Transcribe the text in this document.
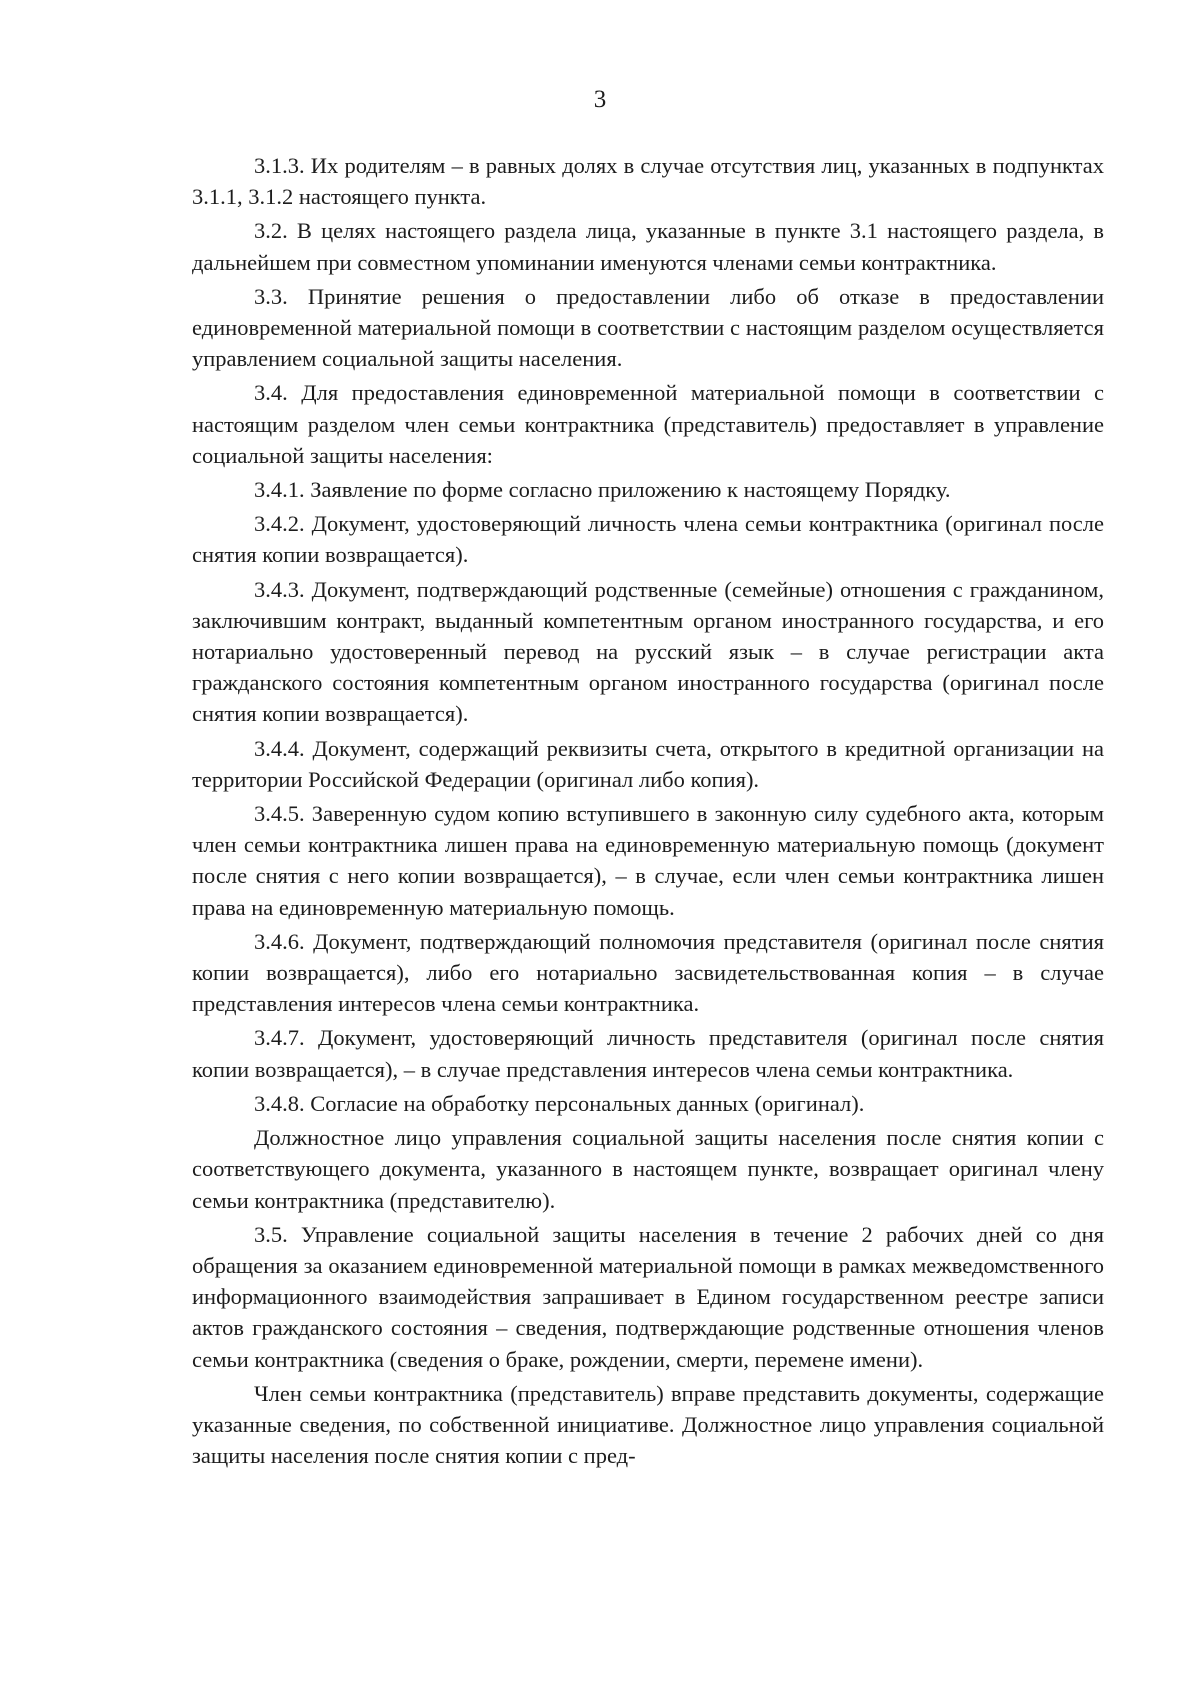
3

3.1.3. Их родителям – в равных долях в случае отсутствия лиц, указанных в подпунктах 3.1.1, 3.1.2 настоящего пункта.

3.2. В целях настоящего раздела лица, указанные в пункте 3.1 настоящего раздела, в дальнейшем при совместном упоминании именуются членами семьи контрактника.

3.3. Принятие решения о предоставлении либо об отказе в предоставлении единовременной материальной помощи в соответствии с настоящим разделом осуществляется управлением социальной защиты населения.

3.4. Для предоставления единовременной материальной помощи в соответствии с настоящим разделом член семьи контрактника (представитель) предоставляет в управление социальной защиты населения:

3.4.1. Заявление по форме согласно приложению к настоящему Порядку.

3.4.2. Документ, удостоверяющий личность члена семьи контрактника (оригинал после снятия копии возвращается).

3.4.3. Документ, подтверждающий родственные (семейные) отношения с гражданином, заключившим контракт, выданный компетентным органом иностранного государства, и его нотариально удостоверенный перевод на русский язык – в случае регистрации акта гражданского состояния компетентным органом иностранного государства (оригинал после снятия копии возвращается).

3.4.4. Документ, содержащий реквизиты счета, открытого в кредитной организации на территории Российской Федерации (оригинал либо копия).

3.4.5. Заверенную судом копию вступившего в законную силу судебного акта, которым член семьи контрактника лишен права на единовременную материальную помощь (документ после снятия с него копии возвращается), – в случае, если член семьи контрактника лишен права на единовременную материальную помощь.

3.4.6. Документ, подтверждающий полномочия представителя (оригинал после снятия копии возвращается), либо его нотариально засвидетельствованная копия – в случае представления интересов члена семьи контрактника.

3.4.7. Документ, удостоверяющий личность представителя (оригинал после снятия копии возвращается), – в случае представления интересов члена семьи контрактника.

3.4.8. Согласие на обработку персональных данных (оригинал).

Должностное лицо управления социальной защиты населения после снятия копии с соответствующего документа, указанного в настоящем пункте, возвращает оригинал члену семьи контрактника (представителю).

3.5. Управление социальной защиты населения в течение 2 рабочих дней со дня обращения за оказанием единовременной материальной помощи в рамках межведомственного информационного взаимодействия запрашивает в Едином государственном реестре записи актов гражданского состояния – сведения, подтверждающие родственные отношения членов семьи контрактника (сведения о браке, рождении, смерти, перемене имени).

Член семьи контрактника (представитель) вправе представить документы, содержащие указанные сведения, по собственной инициативе. Должностное лицо управления социальной защиты населения после снятия копии с пред-
